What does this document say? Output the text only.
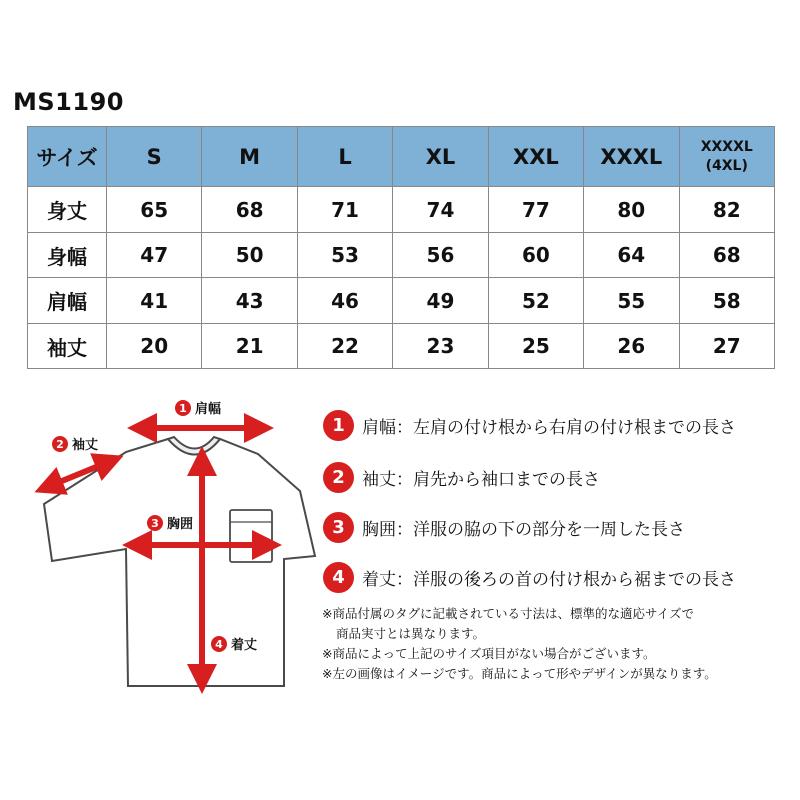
MS1190
サイズ	S	M	L	XL	XXL	XXXL	XXXXL
(4XL)
身丈	65	68	71	74	77	80	82
身幅	47	50	53	56	60	64	68
肩幅	41	43	46	49	52	55	58
袖丈	20	21	22	23	25	26	27
1 肩幅
2 袖丈
3 胸囲
4 着丈
1	肩幅：左肩の付け根から右肩の付け根までの長さ
2	袖丈：肩先から袖口までの長さ
3	胸囲：洋服の脇の下の部分を一周した長さ
4	着丈：洋服の後ろの首の付け根から裾までの長さ
※商品付属のタグに記載されている寸法は、標準的な適応サイズで
商品実寸とは異なります。
※商品によって上記のサイズ項目がない場合がございます。
※左の画像はイメージです。商品によって形やデザインが異なります。
